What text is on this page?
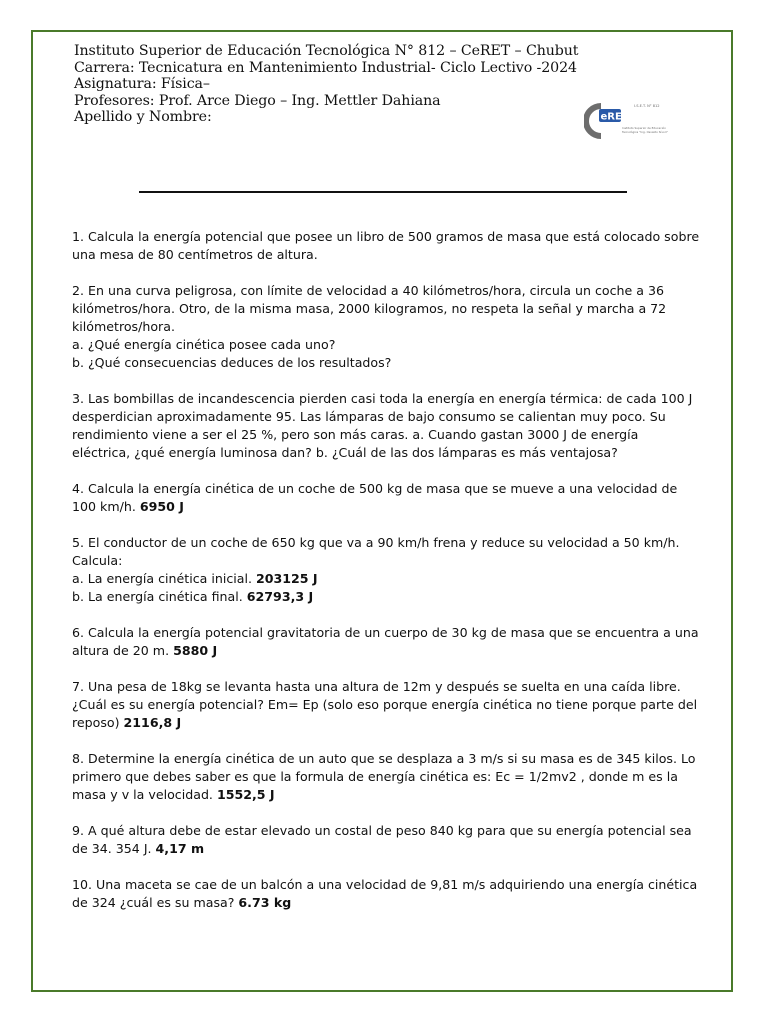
Instituto Superior de Educación Tecnológica N° 812 – CeRET – Chubut
Carrera: Tecnicatura en Mantenimiento Industrial- Ciclo Lectivo -2024
Asignatura: Física–
Profesores: Prof. Arce Diego – Ing. Mettler Dahiana
Apellido y Nombre:	eRET
I.S.E.T. N° 812
Instituto Superior de Educación
Tecnológica "Ing. Osvaldo Sívori"

1. Calcula la energía potencial que posee un libro de 500 gramos de masa que está colocado sobre una mesa de 80 centímetros de altura.

2. En una curva peligrosa, con límite de velocidad a 40 kilómetros/hora, circula un coche a 36 kilómetros/hora. Otro, de la misma masa, 2000 kilogramos, no respeta la señal y marcha a 72 kilómetros/hora.

a. ¿Qué energía cinética posee cada uno?

b. ¿Qué consecuencias deduces de los resultados?

3. Las bombillas de incandescencia pierden casi toda la energía en energía térmica: de cada 100 J desperdician aproximadamente 95. Las lámparas de bajo consumo se calientan muy poco. Su rendimiento viene a ser el 25 %, pero son más caras. a. Cuando gastan 3000 J de energía eléctrica, ¿qué energía luminosa dan? b. ¿Cuál de las dos lámparas es más ventajosa?

4. Calcula la energía cinética de un coche de 500 kg de masa que se mueve a una velocidad de 100 km/h. 6950 J

5. El conductor de un coche de 650 kg que va a 90 km/h frena y reduce su velocidad a 50 km/h. Calcula:

a. La energía cinética inicial. 203125 J

b. La energía cinética final. 62793,3 J

6. Calcula la energía potencial gravitatoria de un cuerpo de 30 kg de masa que se encuentra a una altura de 20 m. 5880 J

7. Una pesa de 18kg se levanta hasta una altura de 12m y después se suelta en una caída libre. ¿Cuál es su energía potencial? Em= Ep (solo eso porque energía cinética no tiene porque parte del reposo) 2116,8 J

8. Determine la energía cinética de un auto que se desplaza a 3 m/s si su masa es de 345 kilos. Lo primero que debes saber es que la formula de energía cinética es: Ec = 1/2mv2 , donde m es la masa y v la velocidad. 1552,5 J

9. A qué altura debe de estar elevado un costal de peso 840 kg para que su energía potencial sea de 34. 354 J. 4,17 m

10. Una maceta se cae de un balcón a una velocidad de 9,81 m/s adquiriendo una energía cinética de 324 ¿cuál es su masa? 6.73 kg
